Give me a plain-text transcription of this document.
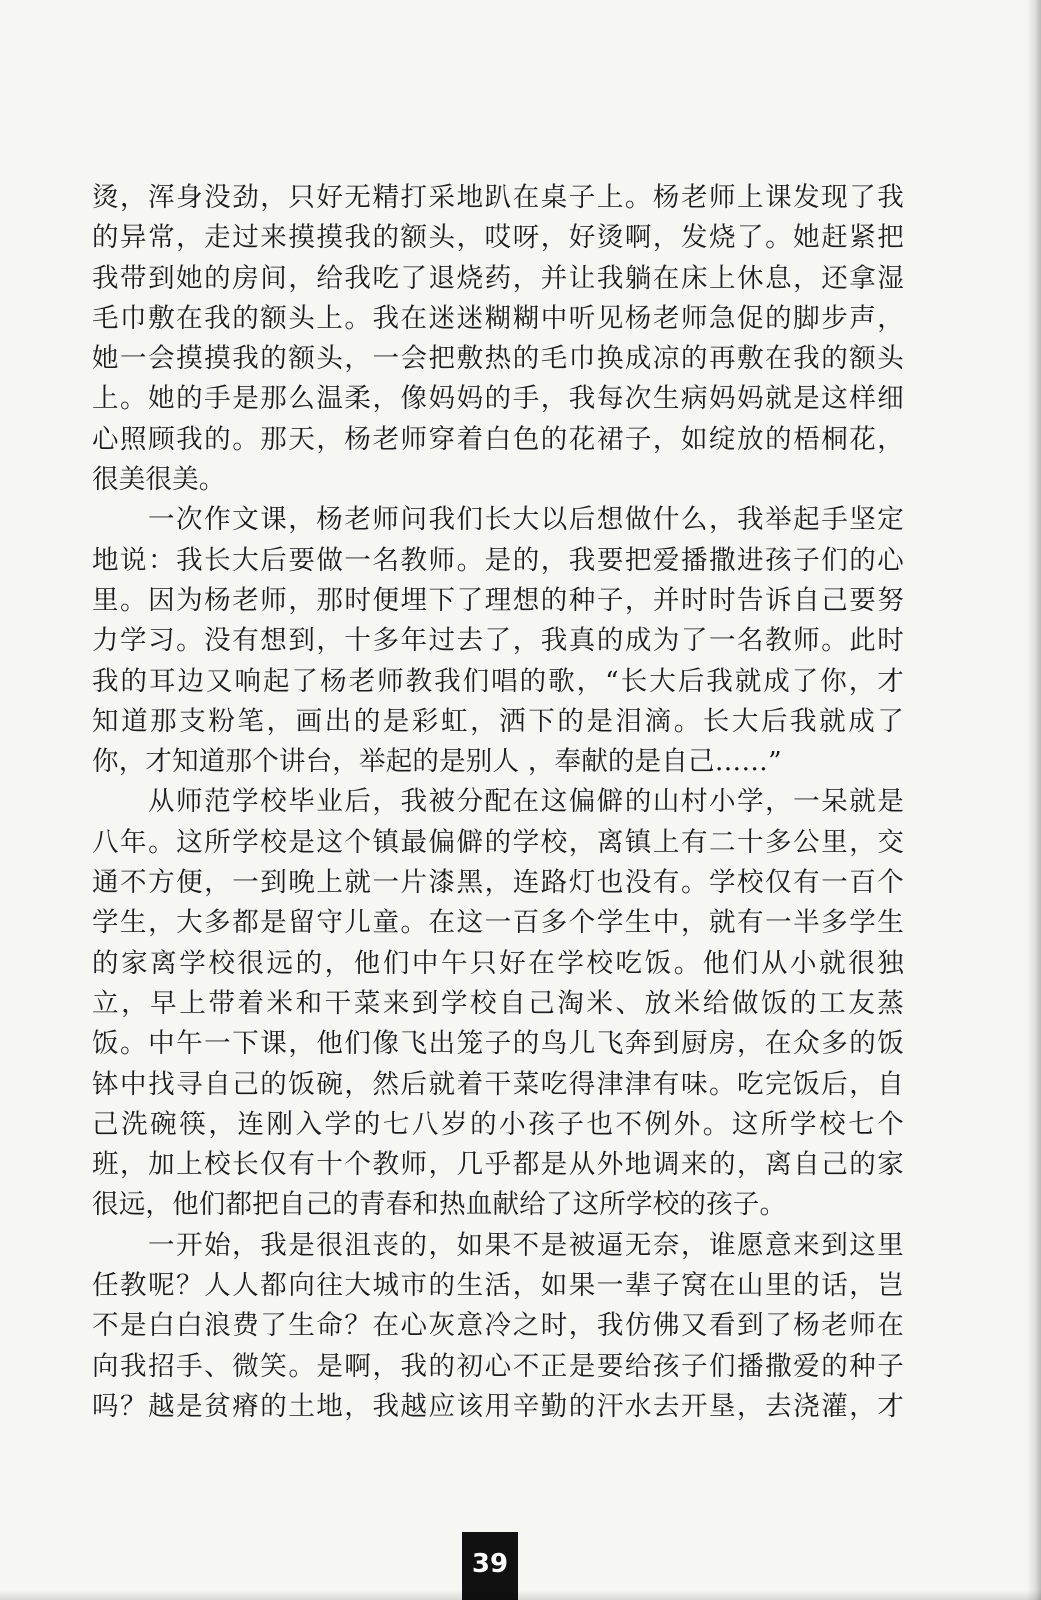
烫，浑身没劲，只好无精打采地趴在桌子上。杨老师上课发现了我
的异常，走过来摸摸我的额头，哎呀，好烫啊，发烧了。她赶紧把
我带到她的房间，给我吃了退烧药，并让我躺在床上休息，还拿湿
毛巾敷在我的额头上。我在迷迷糊糊中听见杨老师急促的脚步声，
她一会摸摸我的额头，一会把敷热的毛巾换成凉的再敷在我的额头
上。她的手是那么温柔，像妈妈的手，我每次生病妈妈就是这样细
心照顾我的。那天，杨老师穿着白色的花裙子，如绽放的梧桐花，
很美很美。
一次作文课，杨老师问我们长大以后想做什么，我举起手坚定
地说：我长大后要做一名教师。是的，我要把爱播撒进孩子们的心
里。因为杨老师，那时便埋下了理想的种子，并时时告诉自己要努
力学习。没有想到，十多年过去了，我真的成为了一名教师。此时
我的耳边又响起了杨老师教我们唱的歌，“长大后我就成了你，才
知道那支粉笔，画出的是彩虹，洒下的是泪滴。长大后我就成了
你，才知道那个讲台，举起的是别人 ，奉献的是自己……”
从师范学校毕业后，我被分配在这偏僻的山村小学，一呆就是
八年。这所学校是这个镇最偏僻的学校，离镇上有二十多公里，交
通不方便，一到晚上就一片漆黑，连路灯也没有。学校仅有一百个
学生，大多都是留守儿童。在这一百多个学生中，就有一半多学生
的家离学校很远的，他们中午只好在学校吃饭。他们从小就很独
立，早上带着米和干菜来到学校自己淘米、放米给做饭的工友蒸
饭。中午一下课，他们像飞出笼子的鸟儿飞奔到厨房，在众多的饭
钵中找寻自己的饭碗，然后就着干菜吃得津津有味。吃完饭后，自
己洗碗筷，连刚入学的七八岁的小孩子也不例外。这所学校七个
班，加上校长仅有十个教师，几乎都是从外地调来的，离自己的家
很远，他们都把自己的青春和热血献给了这所学校的孩子。
一开始，我是很沮丧的，如果不是被逼无奈，谁愿意来到这里
任教呢？人人都向往大城市的生活，如果一辈子窝在山里的话，岂
不是白白浪费了生命？在心灰意冷之时，我仿佛又看到了杨老师在
向我招手、微笑。是啊，我的初心不正是要给孩子们播撒爱的种子
吗？越是贫瘠的土地，我越应该用辛勤的汗水去开垦，去浇灌，才
39
